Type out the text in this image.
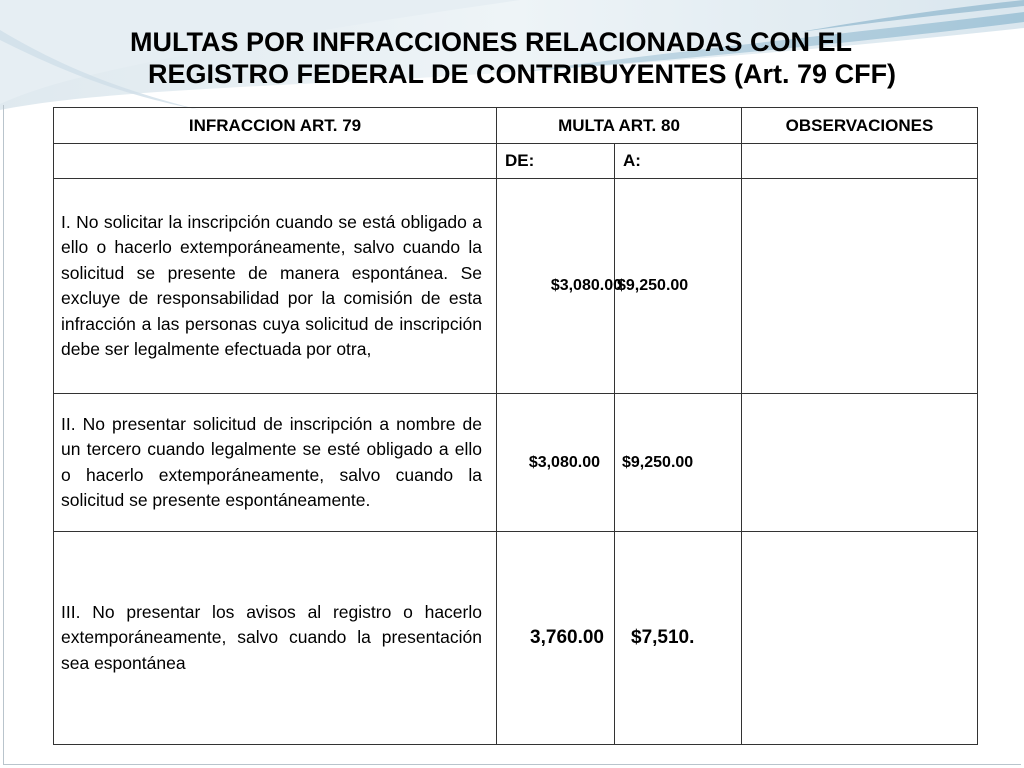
MULTAS POR INFRACCIONES RELACIONADAS CON EL
REGISTRO FEDERAL DE CONTRIBUYENTES (Art. 79 CFF)
INFRACCION ART. 79	MULTA ART. 80		OBSERVACIONES
	DE:	A:	
I. No solicitar la inscripción cuando se está obligado a ello o hacerlo extemporáneamente, salvo cuando la solicitud se presente de manera espontánea. Se excluye de responsabilidad por la comisión de esta infracción a las personas cuya solicitud de inscripción debe ser legalmente efectuada por otra,	$3,080.00	$9,250.00	
II. No presentar solicitud de inscripción a nombre de un tercero cuando legalmente se esté obligado a ello o hacerlo extemporáneamente, salvo cuando la solicitud se presente espontáneamente.	$3,080.00	$9,250.00	
III. No presentar los avisos al registro o hacerlo extemporáneamente, salvo cuando la presentación sea espontánea	3,760.00	$7,510.	
